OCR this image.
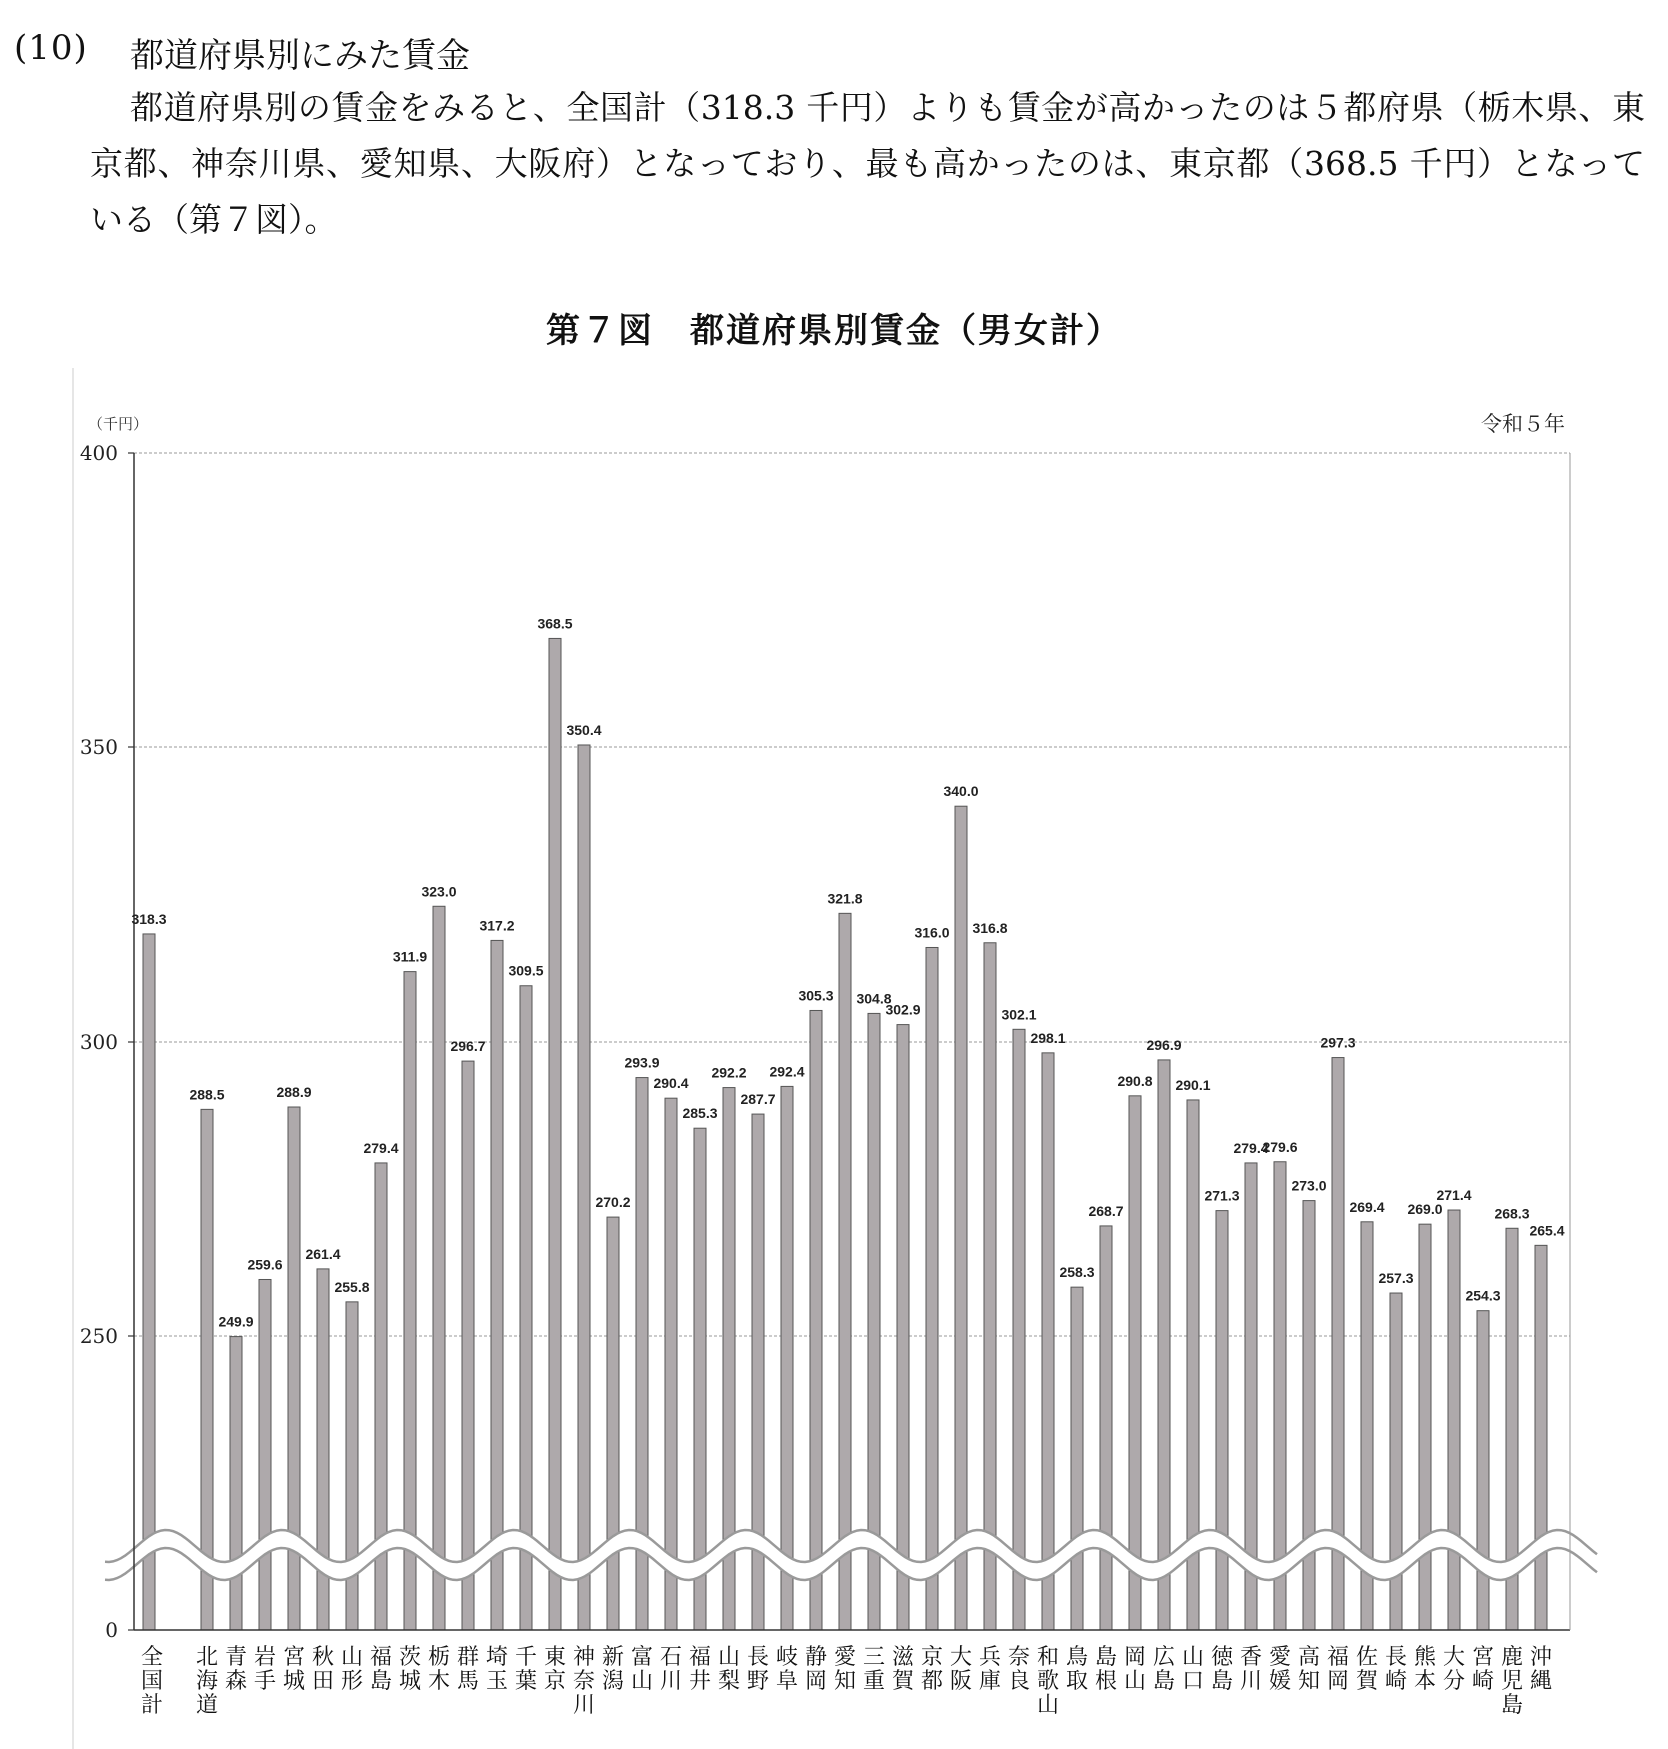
(10) 都道府県別にみた賃金
都道府県別の賃金をみると、全国計（318.3 千円）よりも賃金が高かったのは５都府県（栃木県、東京都、神奈川県、愛知県、大阪府）となっており、最も高かったのは、東京都（368.5 千円）となっている（第７図）。
第７図　都道府県別賃金（男女計）
400
350
300
250
0
318.3
288.5
249.9
259.6
288.9
261.4
255.8
279.4
311.9
323.0
296.7
317.2
309.5
368.5
350.4
270.2
293.9
290.4
285.3
292.2
287.7
292.4
305.3
321.8
304.8
302.9
316.0
340.0
316.8
302.1
298.1
258.3
268.7
290.8
296.9
290.1
271.3
279.4
279.6
273.0
297.3
269.4
257.3
269.0
271.4
254.3
268.3
265.4
全国計
北海道
青森
岩手
宮城
秋田
山形
福島
茨城
栃木
群馬
埼玉
千葉
東京
神奈川
新潟
富山
石川
福井
山梨
長野
岐阜
静岡
愛知
三重
滋賀
京都
大阪
兵庫
奈良
和歌山
鳥取
島根
岡山
広島
山口
徳島
香川
愛媛
高知
福岡
佐賀
長崎
熊本
大分
宮崎
鹿児島
沖縄
（千円）	令和５年
